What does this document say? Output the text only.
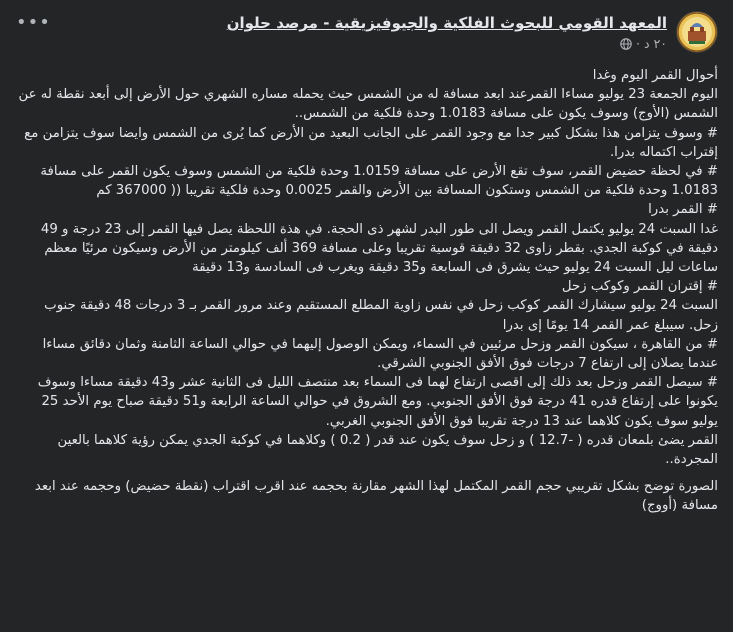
المعهد القومي للبحوث الفلكية والجيوفيزيقية - مرصد حلوان
٢٠ د
·
•••

أحوال القمر اليوم وغدا

اليوم الجمعة 23 يوليو مساءا القمرعند ابعد مسافة له من الشمس حيث يحمله مساره الشهري حول الأرض إلى أبعد نقطة له عن الشمس (الأوج) وسوف يكون على مسافة 1.0183 وحدة فلكية من الشمس..

# وسوف يتزامن هذا بشكل كبير جدا مع وجود القمر على الجانب البعيد من الأرض كما يُرى من الشمس وايضا سوف يتزامن مع إقتراب اكتماله بدرا.

# في لحظة حضيض القمر، سوف تقع الأرض على مسافة 1.0159 وحدة فلكية من الشمس وسوف يكون القمر على مسافة 1.0183 وحدة فلكية من الشمس وستكون المسافة بين الأرض والقمر 0.0025 وحدة فلكية تقريبا (( 367000 كم

# القمر بدرا

غدا السبت 24 يوليو يكتمل القمر ويصل الى طور البدر لشهر ذى الحجة. في هذة اللحظة يصل فيها القمر إلى 23 درجة و 49 دقيقة في كوكبة الجدي. بقطر زاوى 32 دقيقة قوسية تقريبا وعلى مسافة 369 ألف كيلومتر من الأرض وسيكون مرئيًا معظم ساعات ليل السبت 24 يوليو حيث يشرق فى السابعة و35 دقيقة ويغرب فى السادسة و13 دقيقة

# إقتران القمر وكوكب زحل

السبت 24 يوليو سيشارك القمر كوكب زحل في نفس زاوية المطلع المستقيم وعند مرور القمر بـ 3 درجات 48 دقيقة جنوب زحل. سيبلغ عمر القمر 14 يومًا إى بدرا

# من القاهرة ، سيكون القمر وزحل مرئيين في السماء، ويمكن الوصول إليهما في حوالي الساعة الثامنة وثمان دقائق مساءا عندما يصلان إلى ارتفاع 7 درجات فوق الأفق الجنوبي الشرقي.

# سيصل القمر وزحل بعد ذلك إلى اقصى ارتفاع لهما فى السماء بعد منتصف الليل فى الثانية عشر و43 دقيقة مساءا وسوف يكونوا على إرتفاع قدره 41 درجة فوق الأفق الجنوبي. ومع الشروق في حوالي الساعة الرابعة و51 دقيقة صباح يوم الأحد 25 يوليو سوف يكون كلاهما عند 13 درجة تقريبا فوق الأفق الجنوبي الغربي.

القمر يضئ بلمعان قدره ( -12.7 ) و زحل سوف يكون عند قدر ( 0.2 ) وكلاهما في كوكبة الجدي يمكن رؤية كلاهما بالعين المجردة..

الصورة توضح بشكل تقريبي حجم القمر المكتمل لهذا الشهر مقارنة بحجمه عند اقرب اقتراب (نقطة حضيض) وحجمه عند ابعد مسافة (أووج)
